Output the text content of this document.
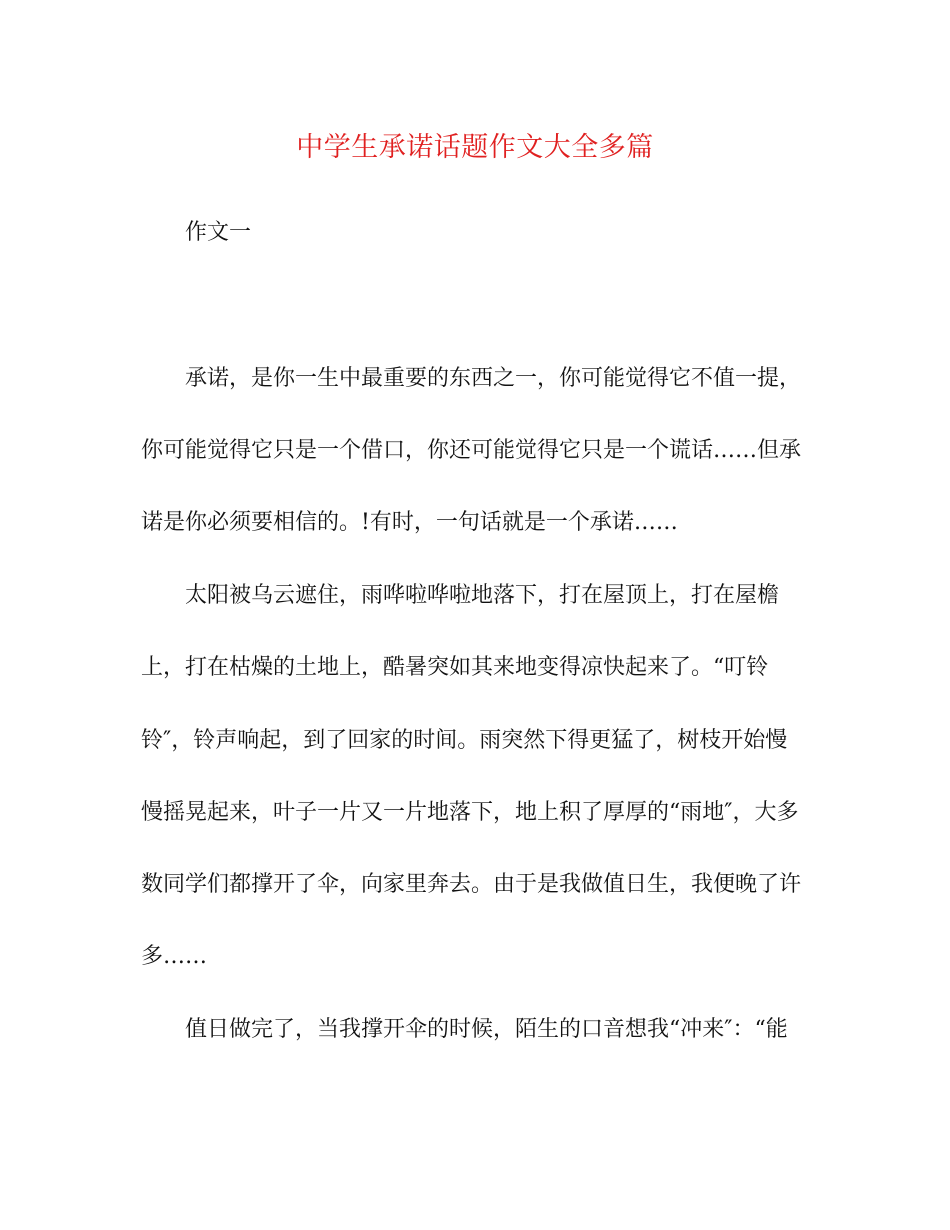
中学生承诺话题作文大全多篇
作文一
承诺，是你一生中最重要的东西之一，你可能觉得它不值一提，
你可能觉得它只是一个借口，你还可能觉得它只是一个谎话……但承
诺是你必须要相信的。!有时，一句话就是一个承诺……
太阳被乌云遮住，雨哗啦哗啦地落下，打在屋顶上，打在屋檐
上，打在枯燥的土地上，酷暑突如其来地变得凉快起来了。“叮铃
铃″，铃声响起，到了回家的时间。雨突然下得更猛了，树枝开始慢
慢摇晃起来，叶子一片又一片地落下，地上积了厚厚的“雨地″，大多
数同学们都撑开了伞，向家里奔去。由于是我做值日生，我便晚了许
多……
值日做完了，当我撑开伞的时候，陌生的口音想我“冲来″：“能
